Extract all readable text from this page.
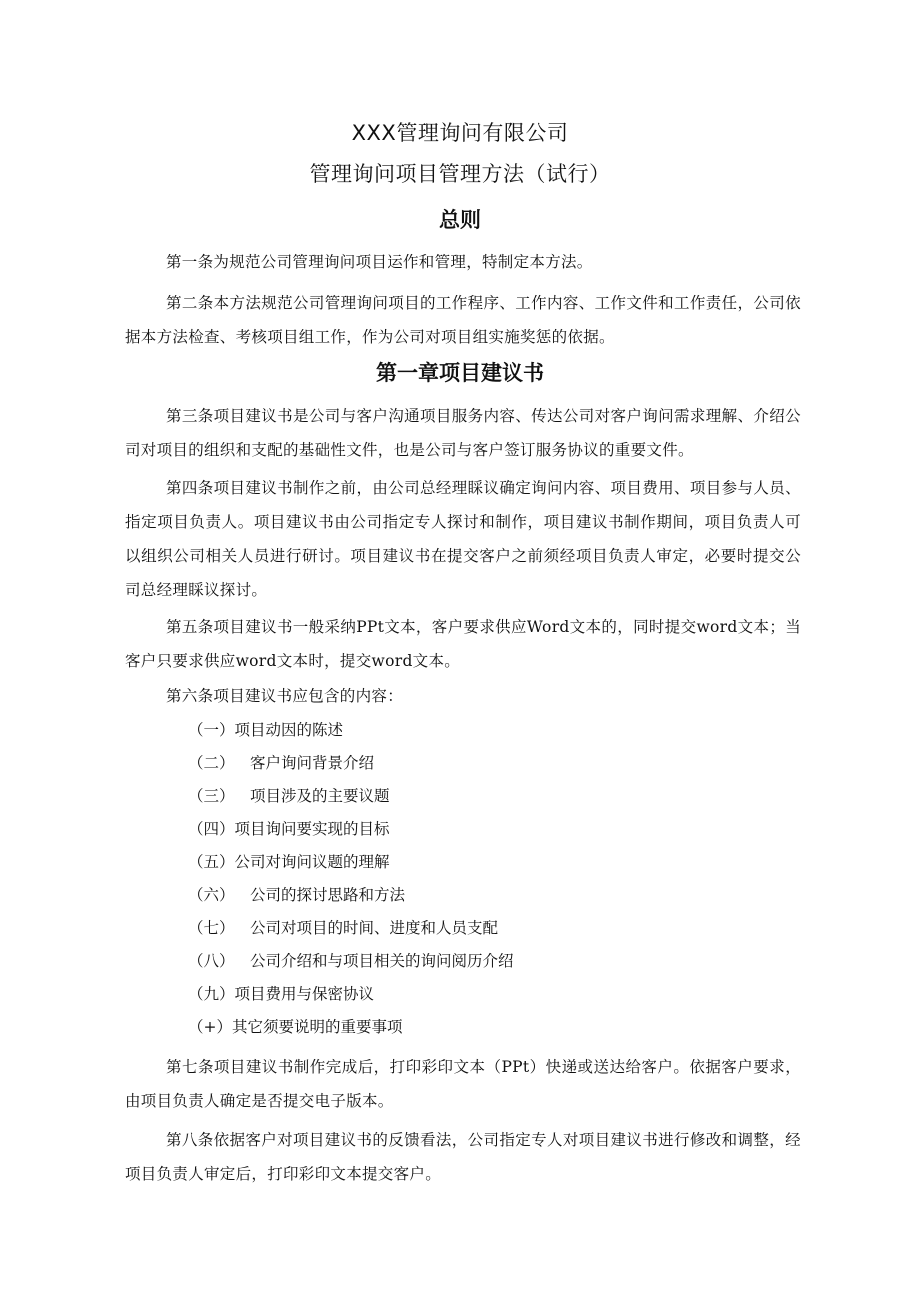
XXX管理询问有限公司
管理询问项目管理方法（试行）
总则
第一条为规范公司管理询问项目运作和管理，特制定本方法。
第二条本方法规范公司管理询问项目的工作程序、工作内容、工作文件和工作责任，公司依据本方法检查、考核项目组工作，作为公司对项目组实施奖惩的依据。
第一章项目建议书
第三条项目建议书是公司与客户沟通项目服务内容、传达公司对客户询问需求理解、介绍公司对项目的组织和支配的基础性文件，也是公司与客户签订服务协议的重要文件。
第四条项目建议书制作之前，由公司总经理睬议确定询问内容、项目费用、项目参与人员、指定项目负责人。项目建议书由公司指定专人探讨和制作，项目建议书制作期间，项目负责人可以组织公司相关人员进行研讨。项目建议书在提交客户之前须经项目负责人审定，必要时提交公司总经理睬议探讨。
第五条项目建议书一般采纳PPt文本，客户要求供应Word文本的，同时提交word文本；当客户只要求供应word文本时，提交word文本。
第六条项目建议书应包含的内容：
（一）项目动因的陈述
（二） 客户询问背景介绍
（三） 项目涉及的主要议题
（四）项目询问要实现的目标
（五）公司对询问议题的理解
（六） 公司的探讨思路和方法
（七） 公司对项目的时间、进度和人员支配
（八） 公司介绍和与项目相关的询问阅历介绍
（九）项目费用与保密协议
（+）其它须要说明的重要事项
第七条项目建议书制作完成后，打印彩印文本（PPt）快递或送达给客户。依据客户要求，由项目负责人确定是否提交电子版本。
第八条依据客户对项目建议书的反馈看法，公司指定专人对项目建议书进行修改和调整，经项目负责人审定后，打印彩印文本提交客户。
